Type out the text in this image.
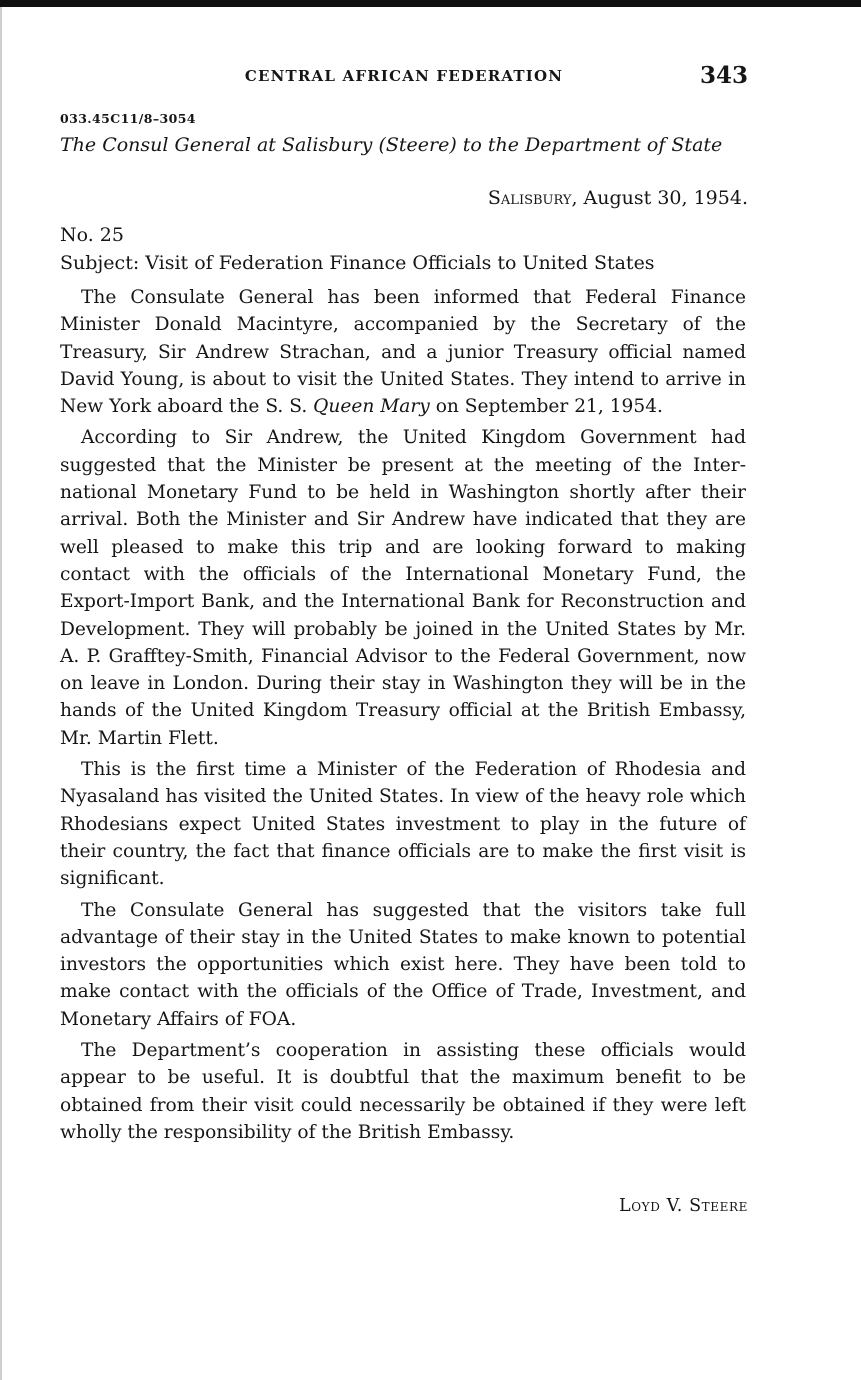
CENTRAL AFRICAN FEDERATION	343
033.45C11/8–3054
The Consul General at Salisbury (Steere) to the Department of State
Salisbury, August 30, 1954.
No. 25
Subject: Visit of Federation Finance Officials to United States

The Consulate General has been informed that Federal Finance Minister Donald Macintyre, accompanied by the Secretary of the Treasury, Sir Andrew Strachan, and a junior Treasury official named David Young, is about to visit the United States. They intend to arrive in New York aboard the S. S. Queen Mary on September 21, 1954.

According to Sir Andrew, the United Kingdom Government had suggested that the Minister be present at the meeting of the International Monetary Fund to be held in Washington shortly after their arrival. Both the Minister and Sir Andrew have indicated that they are well pleased to make this trip and are looking forward to making contact with the officials of the International Monetary Fund, the Export-Import Bank, and the International Bank for Reconstruction and Development. They will probably be joined in the United States by Mr. A. P. Grafftey-Smith, Financial Advisor to the Federal Government, now on leave in London. During their stay in Washington they will be in the hands of the United Kingdom Treasury official at the British Embassy, Mr. Martin Flett.

This is the first time a Minister of the Federation of Rhodesia and Nyasaland has visited the United States. In view of the heavy role which Rhodesians expect United States investment to play in the future of their country, the fact that finance officials are to make the first visit is significant.

The Consulate General has suggested that the visitors take full advantage of their stay in the United States to make known to potential investors the opportunities which exist here. They have been told to make contact with the officials of the Office of Trade, Investment, and Monetary Affairs of FOA.

The Department’s cooperation in assisting these officials would appear to be useful. It is doubtful that the maximum benefit to be obtained from their visit could necessarily be obtained if they were left wholly the responsibility of the British Embassy.

Loyd V. Steere
